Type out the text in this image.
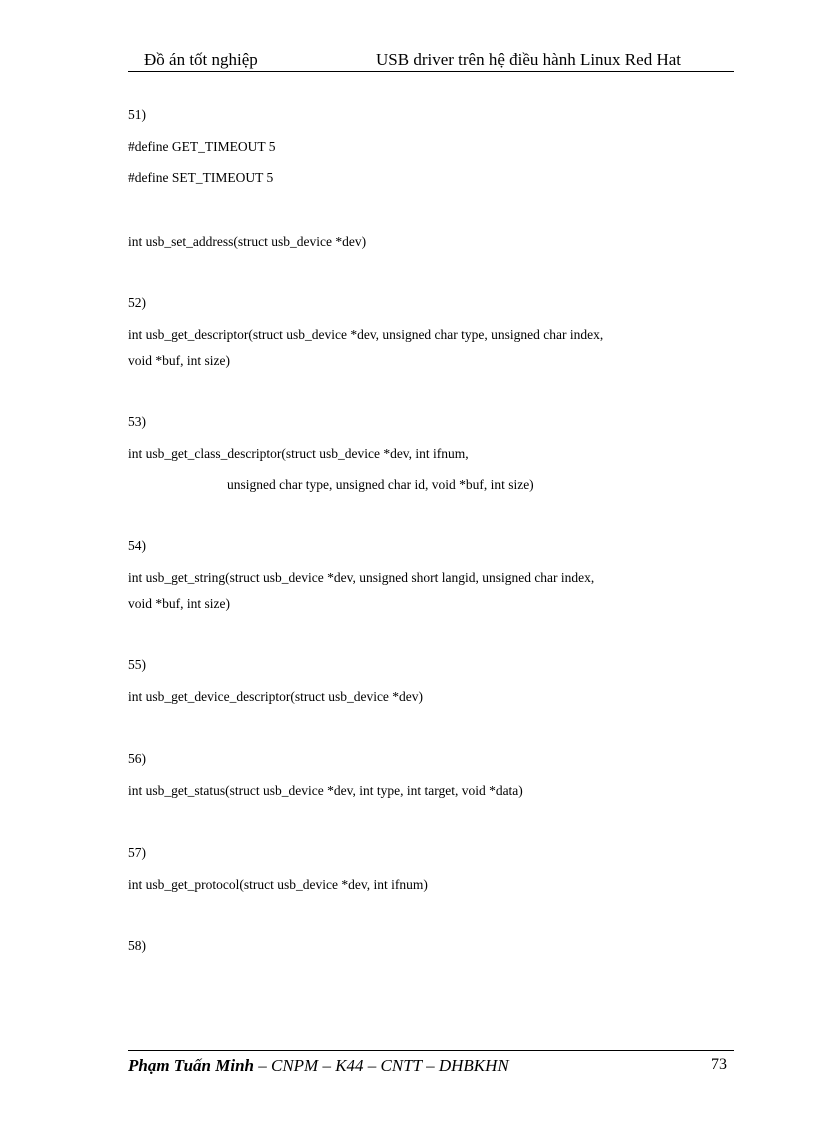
Đồ án tốt nghiệp	USB driver trên hệ điều hành Linux Red Hat
51)
#define GET_TIMEOUT 5
#define SET_TIMEOUT 5
int usb_set_address(struct usb_device *dev)
52)
int usb_get_descriptor(struct usb_device *dev, unsigned char type, unsigned char index,
void *buf, int size)
53)
int usb_get_class_descriptor(struct usb_device *dev, int ifnum,
unsigned char type, unsigned char id, void *buf, int size)
54)
int usb_get_string(struct usb_device *dev, unsigned short langid, unsigned char index,
void *buf, int size)
55)
int usb_get_device_descriptor(struct usb_device *dev)
56)
int usb_get_status(struct usb_device *dev, int type, int target, void *data)
57)
int usb_get_protocol(struct usb_device *dev, int ifnum)
58)
Phạm Tuấn Minh – CNPM – K44 – CNTT – DHBKHN	73
